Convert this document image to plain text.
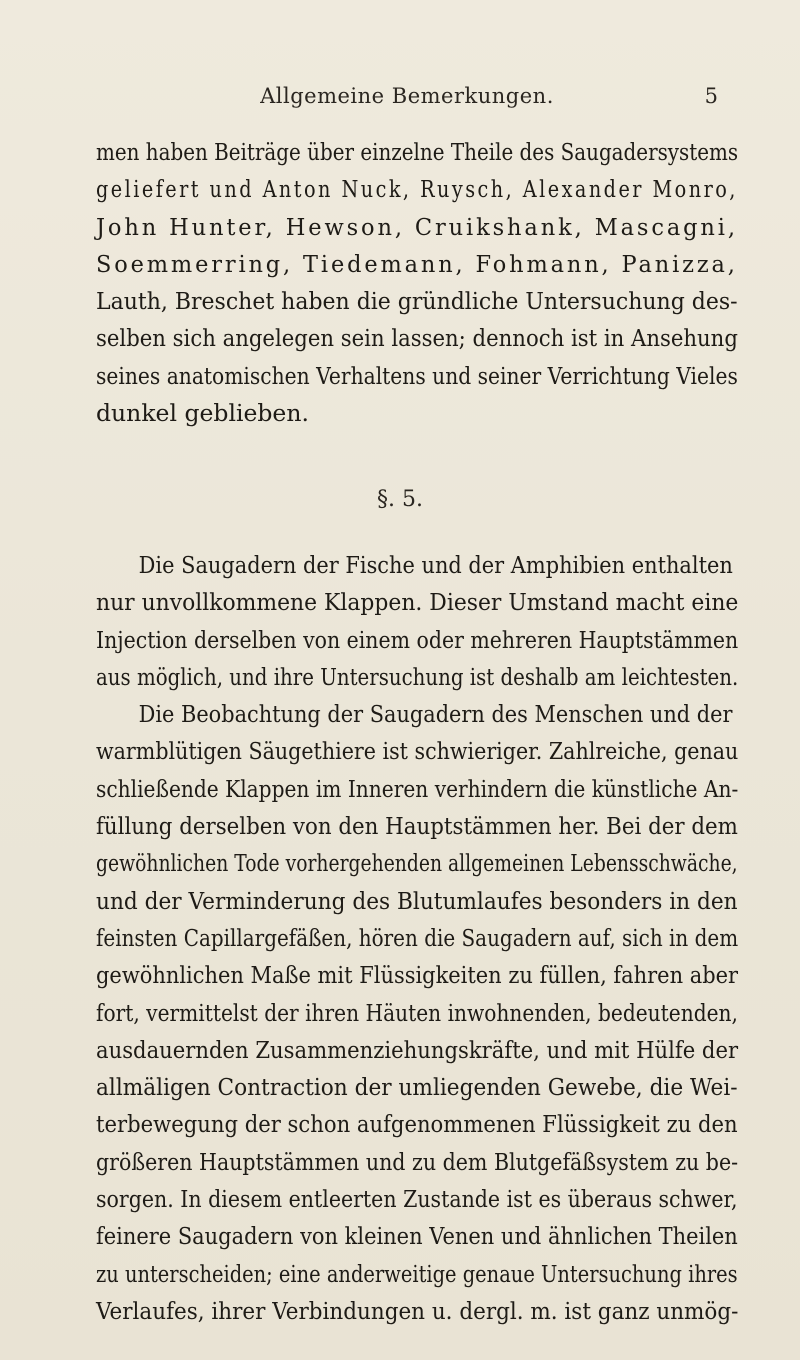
Allgemeine Bemerkungen.	5
men haben Beiträge über einzelne Theile des Saugadersystems
geliefert und Anton Nuck, Ruysch, Alexander Monro,
John Hunter, Hewson, Cruikshank, Mascagni,
Soemmerring, Tiedemann, Fohmann, Panizza,
Lauth, Breschet haben die gründliche Untersuchung des-
selben sich angelegen sein lassen; dennoch ist in Ansehung
seines anatomischen Verhaltens und seiner Verrichtung Vieles
dunkel geblieben.
§. 5.
Die Saugadern der Fische und der Amphibien enthalten
nur unvollkommene Klappen. Dieser Umstand macht eine
Injection derselben von einem oder mehreren Hauptstämmen
aus möglich, und ihre Untersuchung ist deshalb am leichtesten.
Die Beobachtung der Saugadern des Menschen und der
warmblütigen Säugethiere ist schwieriger. Zahlreiche, genau
schließende Klappen im Inneren verhindern die künstliche An-
füllung derselben von den Hauptstämmen her. Bei der dem
gewöhnlichen Tode vorhergehenden allgemeinen Lebensschwäche,
und der Verminderung des Blutumlaufes besonders in den
feinsten Capillargefäßen, hören die Saugadern auf, sich in dem
gewöhnlichen Maße mit Flüssigkeiten zu füllen, fahren aber
fort, vermittelst der ihren Häuten inwohnenden, bedeutenden,
ausdauernden Zusammenziehungskräfte, und mit Hülfe der
allmäligen Contraction der umliegenden Gewebe, die Wei-
terbewegung der schon aufgenommenen Flüssigkeit zu den
größeren Hauptstämmen und zu dem Blutgefäßsystem zu be-
sorgen. In diesem entleerten Zustande ist es überaus schwer,
feinere Saugadern von kleinen Venen und ähnlichen Theilen
zu unterscheiden; eine anderweitige genaue Untersuchung ihres
Verlaufes, ihrer Verbindungen u. dergl. m. ist ganz unmög-
